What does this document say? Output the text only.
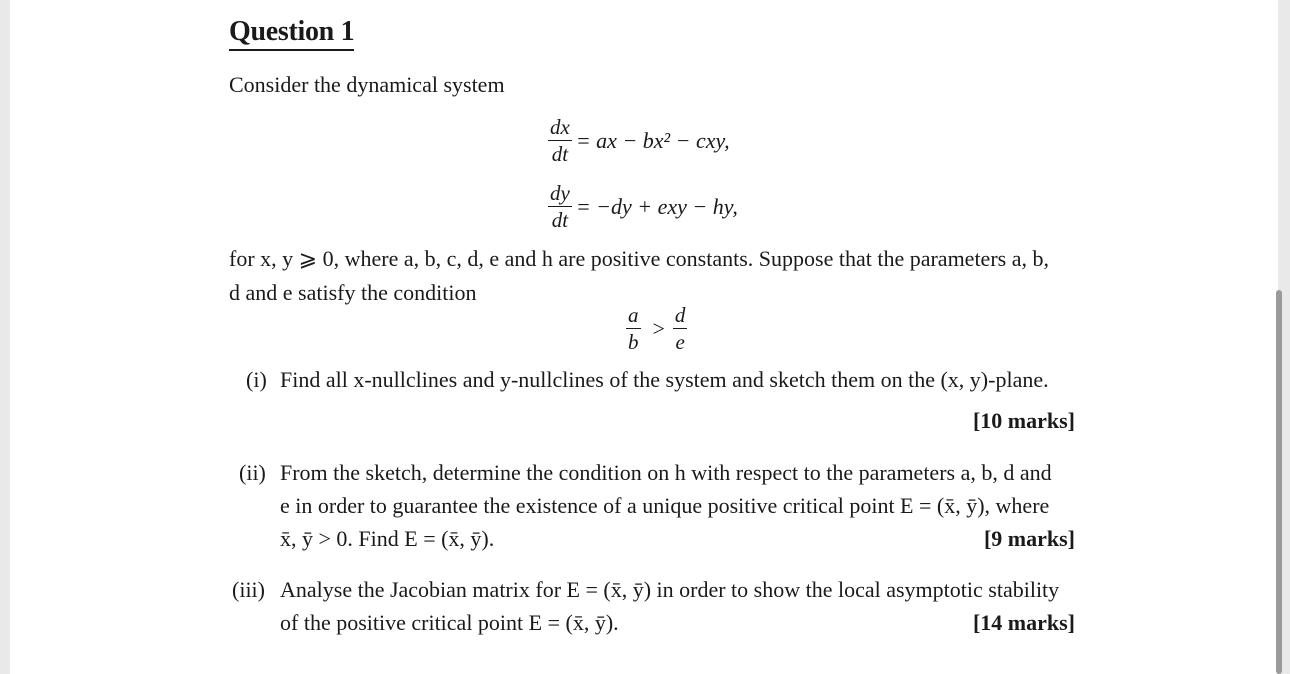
Question 1
Consider the dynamical system
$\frac{dx}{dt}$ = ax − bx² − cxy,
$\frac{dy}{dt} = -dy$ + exy − hy,
for x, y ⩾ 0, where a, b, c, d, e and h are positive constants. Suppose that the parameters a, b,
d and e satisfy the condition
$\frac{a}{b} > \frac{d}{e}$
(i) Find all x-nullclines and y-nullclines of the system and sketch them on the (x, y)-plane.
[10 marks]
(ii) From the sketch, determine the condition on h with respect to the parameters a, b, d and
e in order to guarantee the existence of a unique positive critical point E = (x̄, ȳ), where
x̄, ȳ > 0. Find E = (x̄, ȳ).	[9 marks]
(iii) Analyse the Jacobian matrix for E = (x̄, ȳ) in order to show the local asymptotic stability
of the positive critical point E = (x̄, ȳ).	[14 marks]
